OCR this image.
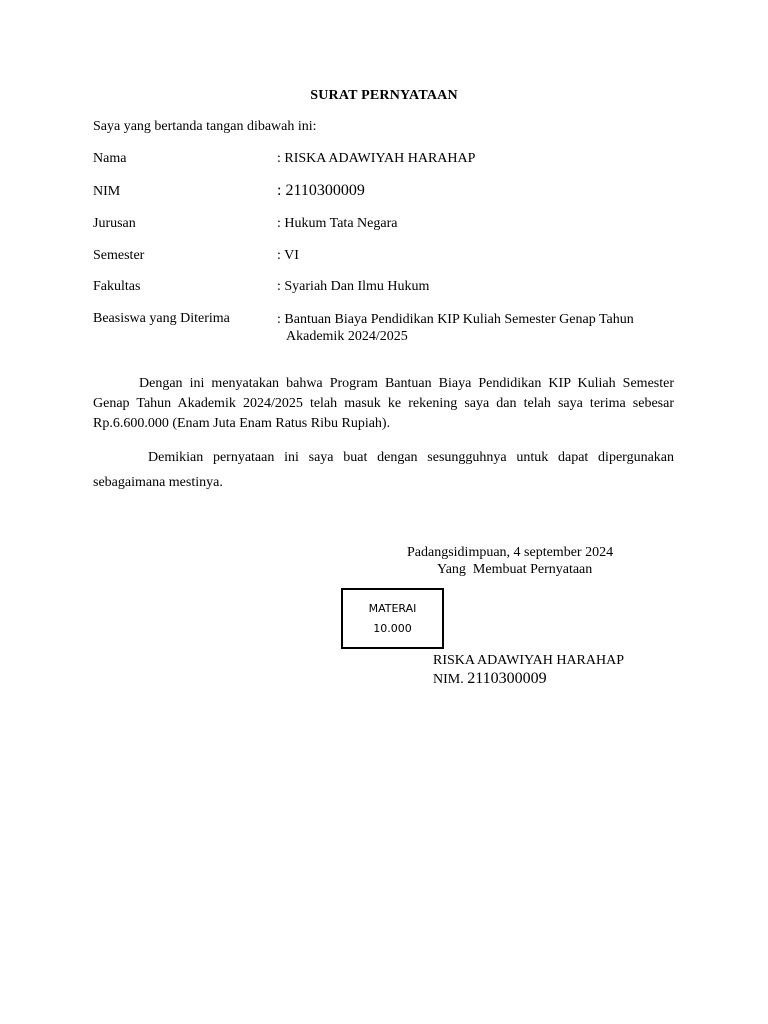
SURAT PERNYATAAN
Saya yang bertanda tangan dibawah ini:
Nama	: RISKA ADAWIYAH HARAHAP
NIM	: 2110300009
Jurusan	: Hukum Tata Negara
Semester	: VI
Fakultas	: Syariah Dan Ilmu Hukum
Beasiswa yang Diterima	: Bantuan Biaya Pendidikan KIP Kuliah Semester Genap Tahun
Akademik 2024/2025
Dengan ini menyatakan bahwa Program Bantuan Biaya Pendidikan KIP Kuliah Semester Genap Tahun Akademik 2024/2025 telah masuk ke rekening saya dan telah saya terima sebesar Rp.6.600.000 (Enam Juta Enam Ratus Ribu Rupiah).
Demikian pernyataan ini saya buat dengan sesungguhnya untuk dapat dipergunakan sebagaimana mestinya.
Padangsidimpuan, 4 september 2024
Yang  Membuat Pernyataan
MATERAI
10.000
RISKA ADAWIYAH HARAHAP
NIM. 2110300009
